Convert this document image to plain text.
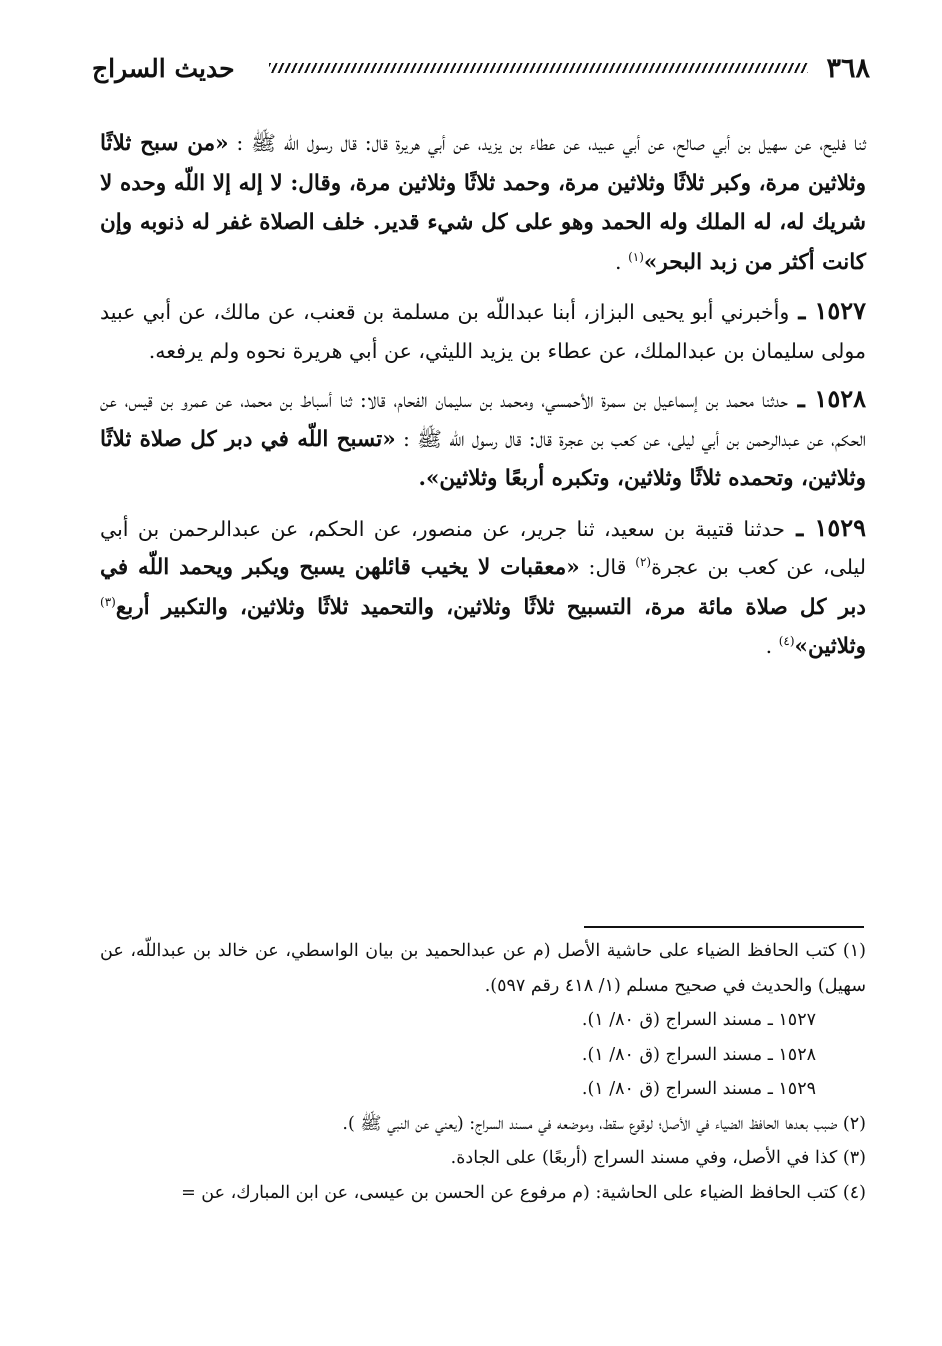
٣٦٨
حديث السراج

ثنا فليح، عن سهيل بن أبي صالح، عن أبي عبيد، عن عطاء بن يزيد، عن أبي هريرة قال: قال رسول اللّه ﷺ : «من سبح ثلاثًا وثلاثين مرة، وكبر ثلاثًا وثلاثين مرة، وحمد ثلاثًا وثلاثين مرة، وقال: لا إله إلا اللّه وحده لا شريك له، له الملك وله الحمد وهو على كل شيء قدير. خلف الصلاة غفر له ذنوبه وإن كانت أكثر من زبد البحر»$^{(١)}$ .

١٥٢٧ ـ وأخبرني أبو يحيى البزاز، أبنا عبداللّه بن مسلمة بن قعنب، عن مالك، عن أبي عبيد مولى سليمان بن عبدالملك، عن عطاء بن يزيد الليثي، عن أبي هريرة نحوه ولم يرفعه.

١٥٢٨ ـ حدثنا محمد بن إسماعيل بن سمرة الأحمسي، ومحمد بن سليمان الفحام، قالا: ثنا أسباط بن محمد، عن عمرو بن قيس، عن الحكم، عن عبدالرحمن بن أبي ليلى، عن كعب بن عجرة قال: قال رسول اللّه ﷺ : «تسبح اللّه في دبر كل صلاة ثلاثًا وثلاثين، وتحمده ثلاثًا وثلاثين، وتكبره أربعًا وثلاثين».

١٥٢٩ ـ حدثنا قتيبة بن سعيد، ثنا جرير، عن منصور، عن الحكم، عن عبدالرحمن بن أبي ليلى، عن كعب بن عجرة$^{(٢)}$ قال: «معقبات لا يخيب قائلهن يسبح ويكبر ويحمد اللّه في دبر كل صلاة مائة مرة، التسبيح ثلاثًا وثلاثين، والتحميد ثلاثًا وثلاثين، والتكبير أربع$^{(٣)}$ وثلاثين»$^{(٤)}$ .

(١) كتب الحافظ الضياء على حاشية الأصل (م عن عبدالحميد بن بيان الواسطي، عن خالد بن عبداللّه، عن سهيل) والحديث في صحيح مسلم (١/ ٤١٨ رقم ٥٩٧).

١٥٢٧ ـ مسند السراج (ق ٨٠/ ١).

١٥٢٨ ـ مسند السراج (ق ٨٠/ ١).

١٥٢٩ ـ مسند السراج (ق ٨٠/ ١).

(٢) ضبب بعدها الحافظ الضياء في الأصل؛ لوقوع سقط، وموضعه في مسند السراج: (يعني عن النبي ﷺ ).

(٣) كذا في الأصل، وفي مسند السراج (أربعًا) على الجادة.

(٤) كتب الحافظ الضياء على الحاشية: (م مرفوع عن الحسن بن عيسى، عن ابن المبارك، عن =
